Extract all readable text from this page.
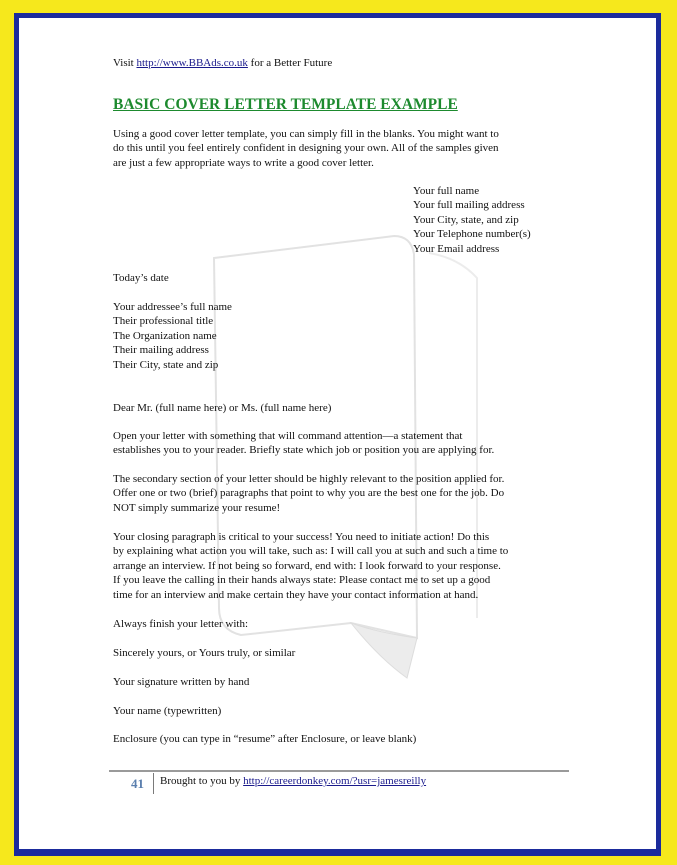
Visit http://www.BBAds.co.uk for a Better Future
BASIC COVER LETTER TEMPLATE EXAMPLE
Using a good cover letter template, you can simply fill in the blanks. You might want to
do this until you feel entirely confident in designing your own. All of the samples given
are just a few appropriate ways to write a good cover letter.
Your full name
Your full mailing address
Your City, state, and zip
Your Telephone number(s)
Your Email address
Today’s date
Your addressee’s full name
Their professional title
The Organization name
Their mailing address
Their City, state and zip
Dear Mr. (full name here) or Ms. (full name here)
Open your letter with something that will command attention—a statement that
establishes you to your reader. Briefly state which job or position you are applying for.
The secondary section of your letter should be highly relevant to the position applied for.
Offer one or two (brief) paragraphs that point to why you are the best one for the job. Do
NOT simply summarize your resume!
Your closing paragraph is critical to your success! You need to initiate action! Do this
by explaining what action you will take, such as: I will call you at such and such a time to
arrange an interview. If not being so forward, end with: I look forward to your response.
If you leave the calling in their hands always state: Please contact me to set up a good
time for an interview and make certain they have your contact information at hand.
Always finish your letter with:
Sincerely yours, or Yours truly, or similar
Your signature written by hand
Your name (typewritten)
Enclosure (you can type in “resume” after Enclosure, or leave blank)
41 Brought to you by http://careerdonkey.com/?usr=jamesreilly
